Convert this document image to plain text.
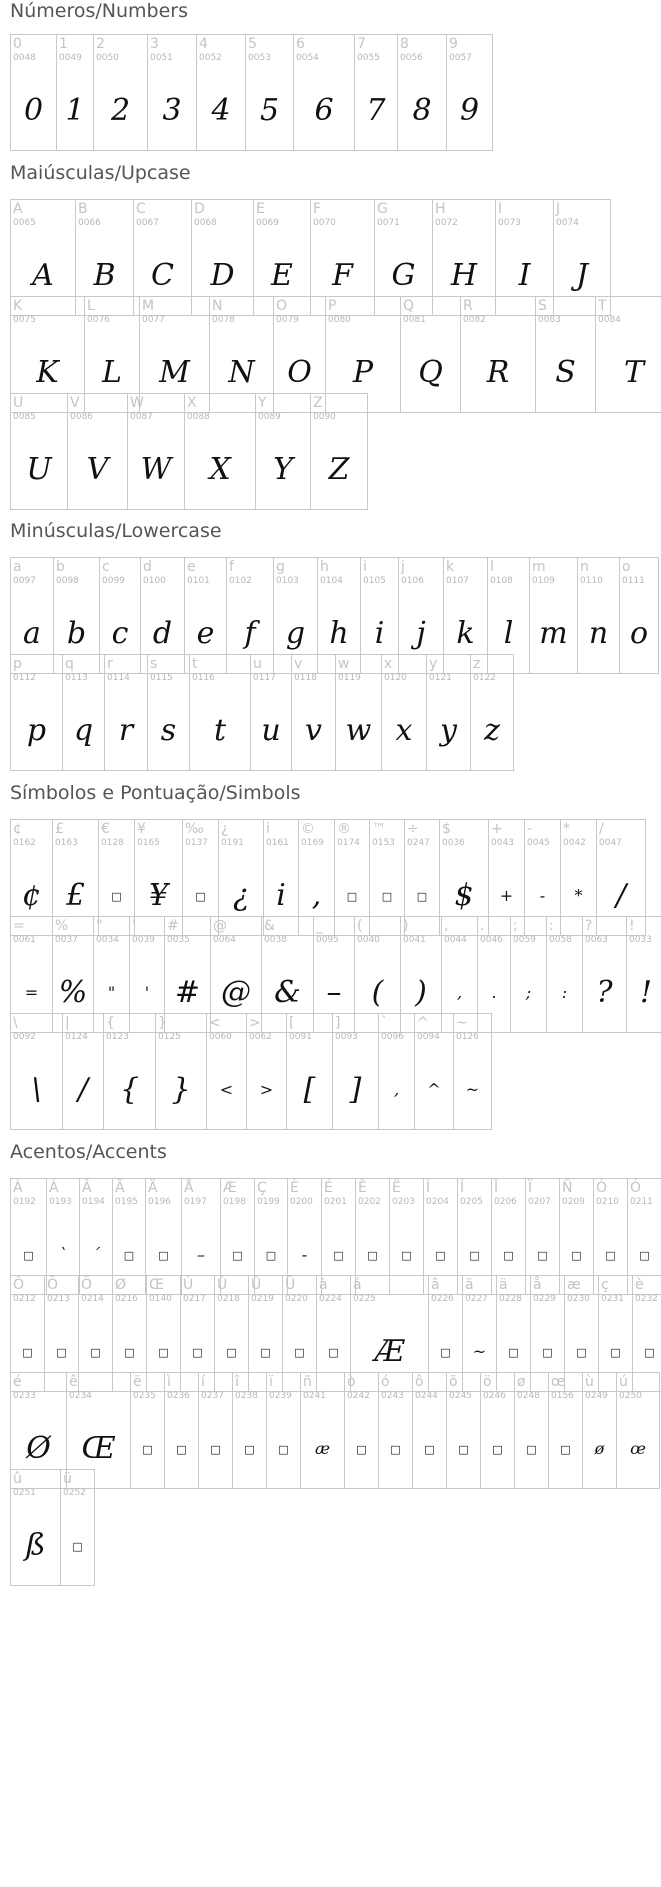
Números/Numbers
0
0048
0
1
0049
1
2
0050
2
3
0051
3
4
0052
4
5
0053
5
6
0054
6
7
0055
7
8
0056
8
9
0057
9
Maiúsculas/Upcase
A
0065
A
B
0066
B
C
0067
C
D
0068
D
E
0069
E
F
0070
F
G
0071
G
H
0072
H
I
0073
I
J
0074
J
K
0075
K
L
0076
L
M
0077
M
N
0078
N
O
0079
O
P
0080
P
Q
0081
Q
R
0082
R
S
0083
S
T
0084
T
U
0085
U
V
0086
V
W
0087
W
X
0088
X
Y
0089
Y
Z
0090
Z
Minúsculas/Lowercase
a
0097
a
b
0098
b
c
0099
c
d
0100
d
e
0101
e
f
0102
f
g
0103
g
h
0104
h
i
0105
i
j
0106
j
k
0107
k
l
0108
l
m
0109
m
n
0110
n
o
0111
o
p
0112
p
q
0113
q
r
0114
r
s
0115
s
t
0116
t
u
0117
u
v
0118
v
w
0119
w
x
0120
x
y
0121
y
z
0122
z
Símbolos e Pontuação/Simbols
¢
0162
¢
£
0163
£
€
0128
□
¥
0165
¥
‰
0137
□
¿
0191
¿
i
0161
i
©
0169
,
®
0174
□
™
0153
□
÷
0247
□
$
0036
$
+
0043
+
-
0045
-
*
0042
*
/
0047
/
=
0061
=
%
0037
%
"
0034
"
'
0039
'
#
0035
#
@
0064
@
&
0038
&
_
0095
–
(
0040
(
)
0041
)
,
0044
,
.
0046
.
;
0059
;
:
0058
:
?
0063
?
!
0033
!
\
0092
\
|
0124
/
{
0123
{
}
0125
}
<
0060
<
>
0062
>
[
0091
[
]
0093
]
`
0096
,
^
0094
^
~
0126
~
Acentos/Accents
À
0192
□
Á
0193
`
Â
0194
´
Ã
0195
□
Ä
0196
□
Å
0197
–
Æ
0198
□
Ç
0199
□
È
0200
-
É
0201
□
Ê
0202
□
Ë
0203
□
Ì
0204
□
Í
0205
□
Î
0206
□
Ï
0207
□
Ñ
0209
□
Ò
0210
□
Ó
0211
□
Ô
0212
□
Õ
0213
□
Ö
0214
□
Ø
0216
□
Œ
0140
□
Ù
0217
□
Ú
0218
□
Û
0219
□
Ü
0220
□
à
0224
□
á
0225
Æ
â
0226
□
ã
0227
~
ä
0228
□
å
0229
□
æ
0230
□
ç
0231
□
è
0232
□
é
0233
Ø
ê
0234
Œ
ë
0235
□
ì
0236
□
í
0237
□
î
0238
□
ï
0239
□
ñ
0241
æ
ò
0242
□
ó
0243
□
ô
0244
□
õ
0245
□
ö
0246
□
ø
0248
□
œ
0156
□
ù
0249
ø
ú
0250
œ
û
0251
ß
ü
0252
□
